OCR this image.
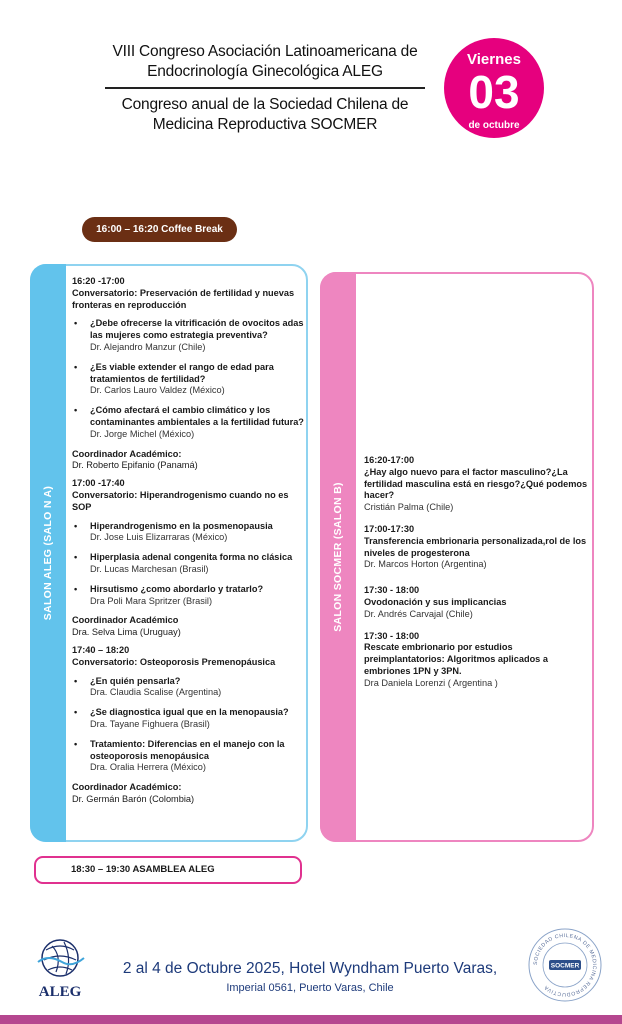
VIII Congreso Asociación Latinoamericana de
Endocrinología Ginecológica ALEG
Congreso anual de la Sociedad Chilena de
Medicina Reproductiva SOCMER
Viernes
03
de octubre
16:00 – 16:20 Coffee Break
SALON ALEG (SALO N A)
16:20 -17:00
Conversatorio: Preservación de fertilidad y nuevas fronteras en reproducción
• ¿Debe ofrecerse la vitrificación de ovocitos adas las mujeres como estrategia preventiva?
Dr. Alejandro Manzur (Chile)
• ¿Es viable extender el rango de edad para tratamientos de fertilidad?
Dr. Carlos Lauro Valdez (México)
• ¿Cómo afectará el cambio climático y los contaminantes ambientales a la fertilidad futura?
Dr. Jorge Michel (México)
Coordinador Académico:
Dr. Roberto Epifanio (Panamá)
17:00 -17:40
Conversatorio: Hiperandrogenismo cuando no es SOP
• Hiperandrogenismo en la posmenopausia
Dr. Jose Luis Elizarraras (México)
• Hiperplasia adenal congenita forma no clásica
Dr. Lucas Marchesan (Brasil)
• Hirsutismo ¿como abordarlo y tratarlo?
Dra Poli Mara Spritzer (Brasil)
Coordinador Académico
Dra. Selva Lima (Uruguay)
17:40 – 18:20
Conversatorio: Osteoporosis Premenopáusica
• ¿En quién pensarla?
Dra. Claudia Scalise (Argentina)
• ¿Se diagnostica igual que en la menopausia?
Dra. Tayane Fighuera (Brasil)
• Tratamiento: Diferencias en el manejo con la osteoporosis menopáusica
Dra. Oralia Herrera (México)
Coordinador Académico:
Dr. Germán Barón (Colombia)
SALON SOCMER (SALON B)
16:20-17:00
¿Hay algo nuevo para el factor masculino?¿La fertilidad masculina está en riesgo?¿Qué podemos hacer?
Cristián Palma (Chile)
17:00-17:30
Transferencia embrionaria personalizada,rol de los niveles de progesterona
Dr. Marcos Horton (Argentina)
17:30 - 18:00
Ovodonación y sus implicancias
Dr. Andrés Carvajal (Chile)
17:30 - 18:00
Rescate embrionario por estudios preimplantatorios: Algoritmos aplicados a embriones 1PN y 3PN.
Dra Daniela Lorenzi ( Argentina )
18:30 – 19:30 ASAMBLEA ALEG
ALEG
2 al 4 de Octubre 2025, Hotel Wyndham Puerto Varas,
Imperial 0561, Puerto Varas, Chile
SOCIEDAD CHILENA DE MEDICINA REPRODUCTIVA
SOCMER
